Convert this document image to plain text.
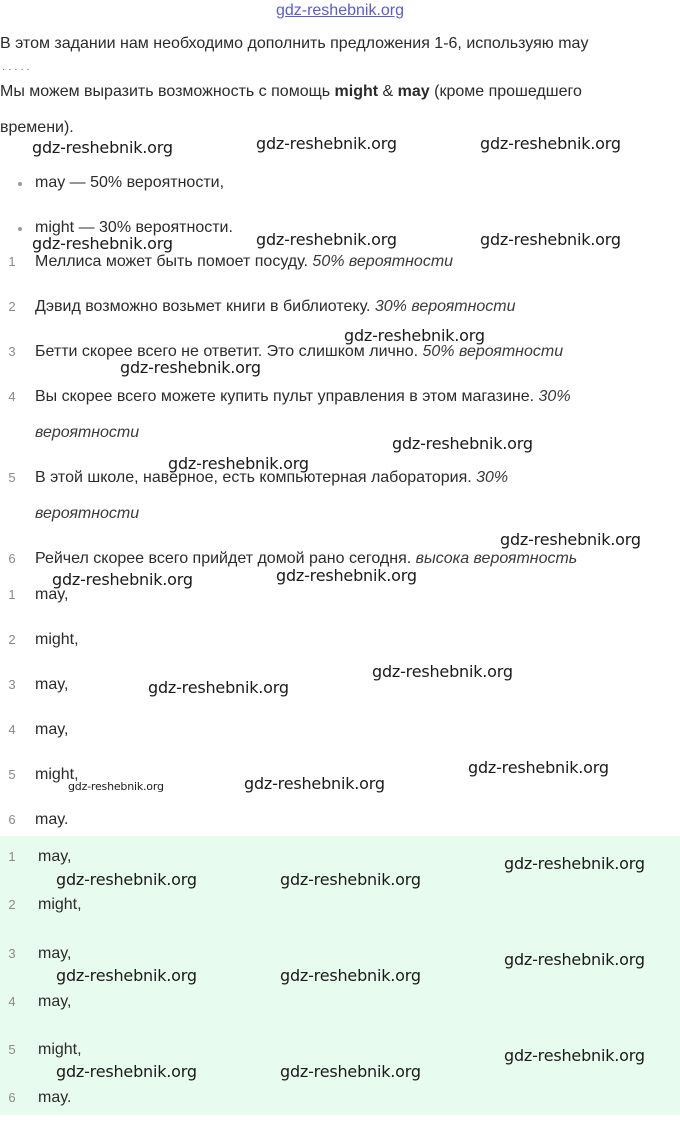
gdz-reshebnik.org
В этом задании нам необходимо дополнить предложения 1-6, используяю may
· · · · ·
Мы можем выразить возможность с помощь might & may (кроме прошедшего
времени).
may — 50% вероятности,
might — 30% вероятности.
1	Меллиса может быть помоет посуду. 50% вероятности
2	Дэвид возможно возьмет книги в библиотеку. 30% вероятности
3	Бетти скорее всего не ответит. Это слишком лично. 50% вероятности
4	Вы скорее всего можете купить пульт управления в этом магазине. 30%
вероятности
5	В этой школе, наверное, есть компьютерная лаборатория. 30%
вероятности
6	Рейчел скорее всего прийдет домой рано сегодня. высока вероятность
1	may,
2	might,
3	may,
4	may,
5	might,
6	may.
1	may,
2	might,
3	may,
4	may,
5	might,
6	may.
gdz-reshebnik.org	gdz-reshebnik.org	gdz-reshebnik.org
gdz-reshebnik.org	gdz-reshebnik.org	gdz-reshebnik.org
gdz-reshebnik.org
gdz-reshebnik.org
gdz-reshebnik.org
gdz-reshebnik.org
gdz-reshebnik.org
gdz-reshebnik.org	gdz-reshebnik.org
gdz-reshebnik.org
gdz-reshebnik.org
gdz-reshebnik.org
gdz-reshebnik.org	gdz-reshebnik.org
gdz-reshebnik.org
gdz-reshebnik.org	gdz-reshebnik.org
gdz-reshebnik.org
gdz-reshebnik.org	gdz-reshebnik.org
gdz-reshebnik.org
gdz-reshebnik.org	gdz-reshebnik.org
